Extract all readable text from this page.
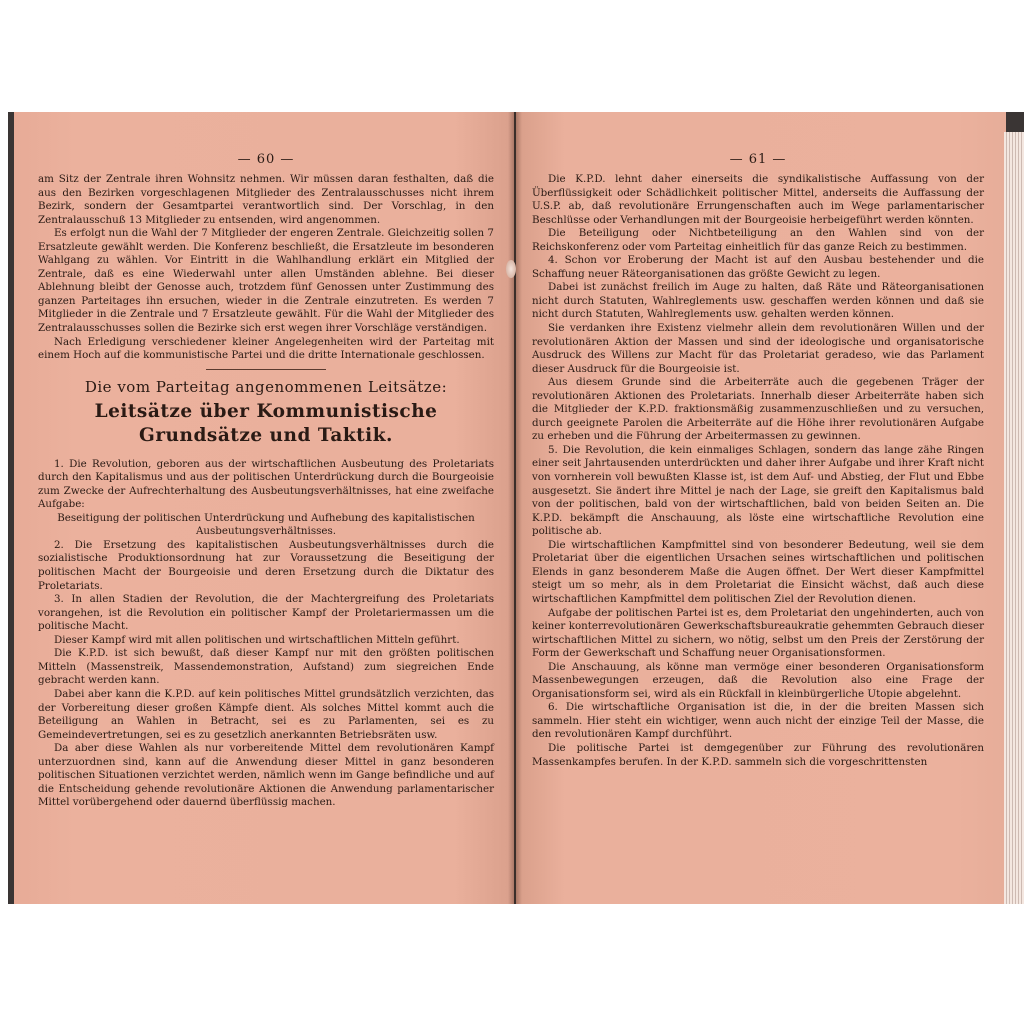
— 60 —

am Sitz der Zentrale ihren Wohnsitz nehmen. Wir müssen daran festhalten, daß die aus den Bezirken vorgeschlagenen Mitglieder des Zentralausschusses nicht ihrem Bezirk, sondern der Gesamtpartei verantwortlich sind. Der Vorschlag, in den Zentralausschuß 13 Mitglieder zu entsenden, wird angenommen.

Es erfolgt nun die Wahl der 7 Mitglieder der engeren Zentrale. Gleichzeitig sollen 7 Ersatzleute gewählt werden. Die Konferenz beschließt, die Ersatzleute im besonderen Wahlgang zu wählen. Vor Eintritt in die Wahlhandlung erklärt ein Mitglied der Zentrale, daß es eine Wiederwahl unter allen Umständen ablehne. Bei dieser Ablehnung bleibt der Genosse auch, trotzdem fünf Genossen unter Zustimmung des ganzen Parteitages ihn ersuchen, wieder in die Zentrale einzutreten. Es werden 7 Mitglieder in die Zentrale und 7 Ersatzleute gewählt. Für die Wahl der Mitglieder des Zentralausschusses sollen die Bezirke sich erst wegen ihrer Vorschläge verständigen.

Nach Erledigung verschiedener kleiner Angelegenheiten wird der Parteitag mit einem Hoch auf die kommunistische Partei und die dritte Internationale geschlossen.

Die vom Parteitag angenommenen Leitsätze:
Leitsätze über Kommunistische Grundsätze und Taktik.

1. Die Revolution, geboren aus der wirtschaftlichen Ausbeutung des Proletariats durch den Kapitalismus und aus der politischen Unterdrückung durch die Bourgeoisie zum Zwecke der Aufrechterhaltung des Ausbeutungsverhältnisses, hat eine zweifache Aufgabe:

Beseitigung der politischen Unterdrückung und Aufhebung des kapitalistischen Ausbeutungsverhältnisses.

2. Die Ersetzung des kapitalistischen Ausbeutungsverhältnisses durch die sozialistische Produktionsordnung hat zur Voraussetzung die Beseitigung der politischen Macht der Bourgeoisie und deren Ersetzung durch die Diktatur des Proletariats.

3. In allen Stadien der Revolution, die der Machtergreifung des Proletariats vorangehen, ist die Revolution ein politischer Kampf der Proletariermassen um die politische Macht.

Dieser Kampf wird mit allen politischen und wirtschaftlichen Mitteln geführt.

Die K.P.D. ist sich bewußt, daß dieser Kampf nur mit den größten politischen Mitteln (Massenstreik, Massendemonstration, Aufstand) zum siegreichen Ende gebracht werden kann.

Dabei aber kann die K.P.D. auf kein politisches Mittel grundsätzlich verzichten, das der Vorbereitung dieser großen Kämpfe dient. Als solches Mittel kommt auch die Beteiligung an Wahlen in Betracht, sei es zu Parlamenten, sei es zu Gemeindevertretungen, sei es zu gesetzlich anerkannten Betriebsräten usw.

Da aber diese Wahlen als nur vorbereitende Mittel dem revolutionären Kampf unterzuordnen sind, kann auf die Anwendung dieser Mittel in ganz besonderen politischen Situationen verzichtet werden, nämlich wenn im Gange befindliche und auf die Entscheidung gehende revolutionäre Aktionen die Anwendung parlamentarischer Mittel vorübergehend oder dauernd überflüssig machen.

— 61 —

Die K.P.D. lehnt daher einerseits die syndikalistische Auffassung von der Überflüssigkeit oder Schädlichkeit politischer Mittel, anderseits die Auffassung der U.S.P. ab, daß revolutionäre Errungenschaften auch im Wege parlamentarischer Beschlüsse oder Verhandlungen mit der Bourgeoisie herbeigeführt werden könnten.

Die Beteiligung oder Nichtbeteiligung an den Wahlen sind von der Reichskonferenz oder vom Parteitag einheitlich für das ganze Reich zu bestimmen.

4. Schon vor Eroberung der Macht ist auf den Ausbau bestehender und die Schaffung neuer Räteorganisationen das größte Gewicht zu legen.

Dabei ist zunächst freilich im Auge zu halten, daß Räte und Räteorganisationen nicht durch Statuten, Wahlreglements usw. geschaffen werden können und daß sie nicht durch Statuten, Wahlreglements usw. gehalten werden können.

Sie verdanken ihre Existenz vielmehr allein dem revolutionären Willen und der revolutionären Aktion der Massen und sind der ideologische und organisatorische Ausdruck des Willens zur Macht für das Proletariat geradeso, wie das Parlament dieser Ausdruck für die Bourgeoisie ist.

Aus diesem Grunde sind die Arbeiterräte auch die gegebenen Träger der revolutionären Aktionen des Proletariats. Innerhalb dieser Arbeiterräte haben sich die Mitglieder der K.P.D. fraktionsmäßig zusammenzuschließen und zu versuchen, durch geeignete Parolen die Arbeiterräte auf die Höhe ihrer revolutionären Aufgabe zu erheben und die Führung der Arbeitermassen zu gewinnen.

5. Die Revolution, die kein einmaliges Schlagen, sondern das lange zähe Ringen einer seit Jahrtausenden unterdrückten und daher ihrer Aufgabe und ihrer Kraft nicht von vornherein voll bewußten Klasse ist, ist dem Auf- und Abstieg, der Flut und Ebbe ausgesetzt. Sie ändert ihre Mittel je nach der Lage, sie greift den Kapitalismus bald von der politischen, bald von der wirtschaftlichen, bald von beiden Seiten an. Die K.P.D. bekämpft die Anschauung, als löste eine wirtschaftliche Revolution eine politische ab.

Die wirtschaftlichen Kampfmittel sind von besonderer Bedeutung, weil sie dem Proletariat über die eigentlichen Ursachen seines wirtschaftlichen und politischen Elends in ganz besonderem Maße die Augen öffnet. Der Wert dieser Kampfmittel steigt um so mehr, als in dem Proletariat die Einsicht wächst, daß auch diese wirtschaftlichen Kampfmittel dem politischen Ziel der Revolution dienen.

Aufgabe der politischen Partei ist es, dem Proletariat den ungehinderten, auch von keiner konterrevolutionären Gewerkschaftsbureaukratie gehemmten Gebrauch dieser wirtschaftlichen Mittel zu sichern, wo nötig, selbst um den Preis der Zerstörung der Form der Gewerkschaft und Schaffung neuer Organisationsformen.

Die Anschauung, als könne man vermöge einer besonderen Organisationsform Massenbewegungen erzeugen, daß die Revolution also eine Frage der Organisationsform sei, wird als ein Rückfall in kleinbürgerliche Utopie abgelehnt.

6. Die wirtschaftliche Organisation ist die, in der die breiten Massen sich sammeln. Hier steht ein wichtiger, wenn auch nicht der einzige Teil der Masse, die den revolutionären Kampf durchführt.

Die politische Partei ist demgegenüber zur Führung des revolutionären Massenkampfes berufen. In der K.P.D. sammeln sich die vorgeschrittensten
